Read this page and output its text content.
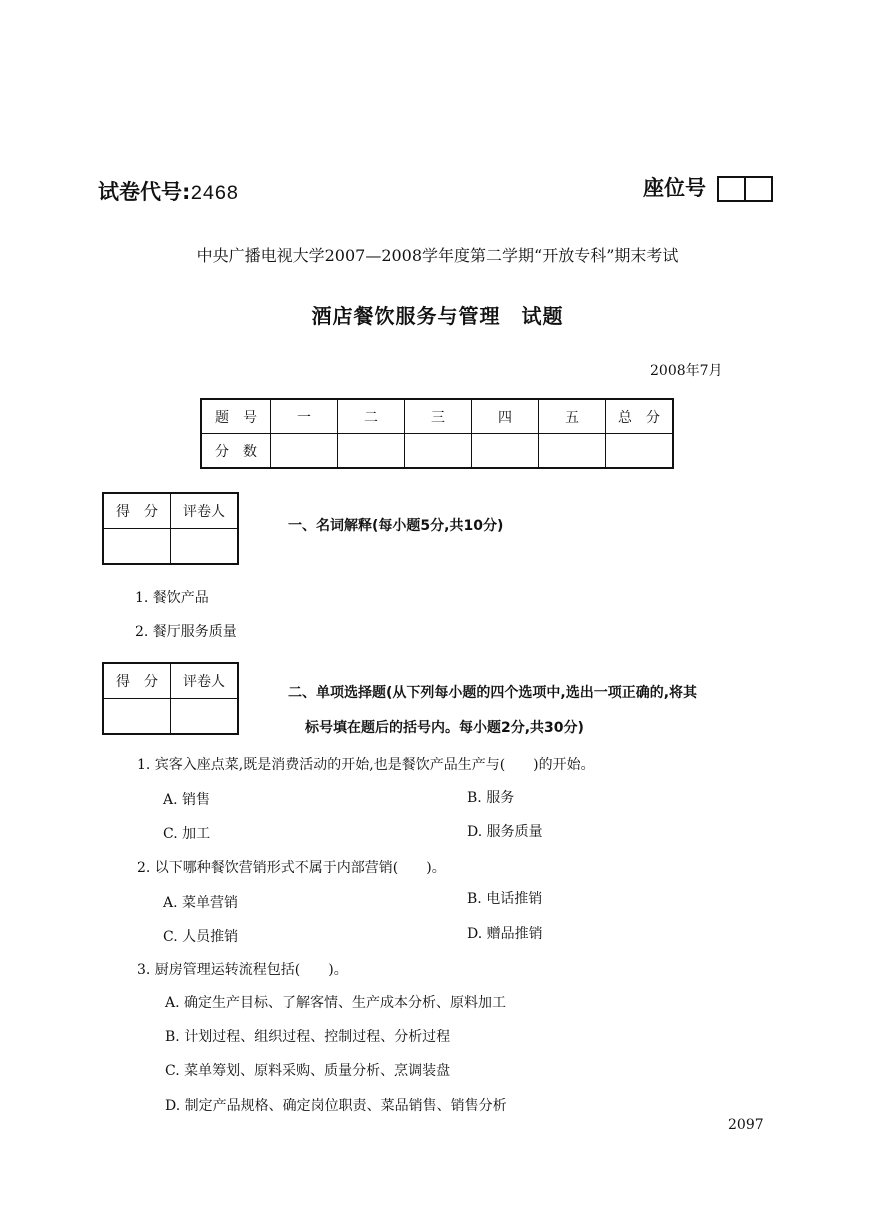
试卷代号:2468	座位号
中央广播电视大学2007—2008学年度第二学期“开放专科”期末考试
酒店餐饮服务与管理　试题
2008年7月
题　号	一	二	三	四	五	总　分
分　数						
得　分	评卷人

一、名词解释(每小题5分,共10分)
1. 餐饮产品
2. 餐厅服务质量
得　分	评卷人

二、单项选择题(从下列每小题的四个选项中,选出一项正确的,将其
标号填在题后的括号内。每小题2分,共30分)
1. 宾客入座点菜,既是消费活动的开始,也是餐饮产品生产与(　　)的开始。
A. 销售	B. 服务
C. 加工	D. 服务质量
2. 以下哪种餐饮营销形式不属于内部营销(　　)。
A. 菜单营销	B. 电话推销
C. 人员推销	D. 赠品推销
3. 厨房管理运转流程包括(　　)。
A. 确定生产目标、了解客情、生产成本分析、原料加工
B. 计划过程、组织过程、控制过程、分析过程
C. 菜单筹划、原料采购、质量分析、烹调装盘
D. 制定产品规格、确定岗位职责、菜品销售、销售分析
2097
